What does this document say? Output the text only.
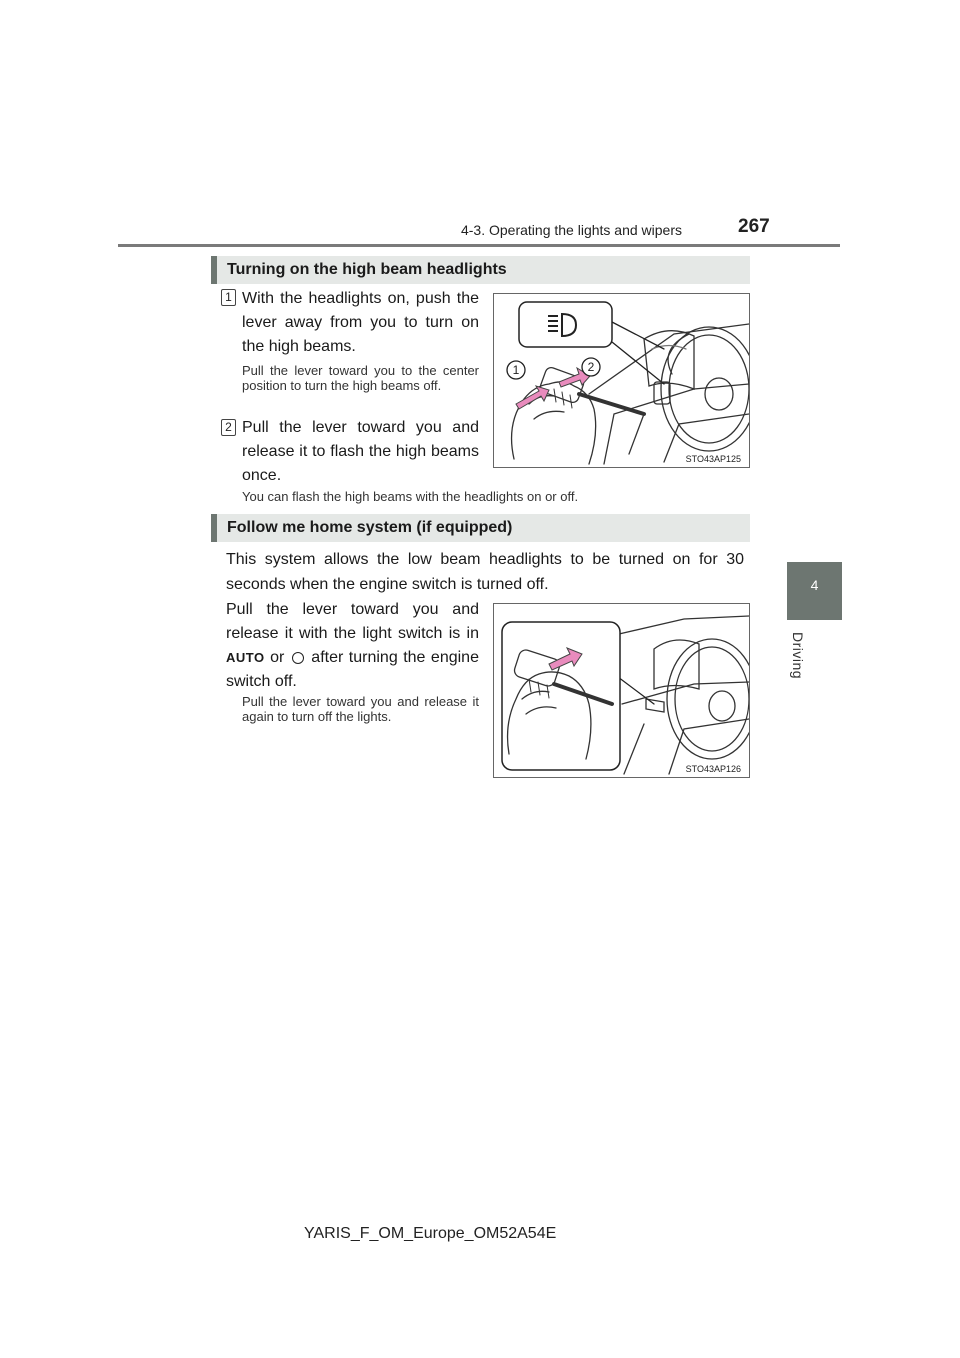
4-3. Operating the lights and wipers	267
4
Driving
Turning on the high beam headlights
1 With the headlights on, push the lever away from you to turn on the high beams.
Pull the lever toward you to the center position to turn the high beams off.
2 Pull the lever toward you and release it to flash the high beams once.
You can flash the high beams with the headlights on or off.
1	2
STO43AP125
Follow me home system (if equipped)
This system allows the low beam headlights to be turned on for 30 seconds when the engine switch is turned off.
Pull the lever toward you and release it with the light switch is in AUTO or after turning the engine switch off.
Pull the lever toward you and release it again to turn off the lights.
STO43AP126
YARIS_F_OM_Europe_OM52A54E
